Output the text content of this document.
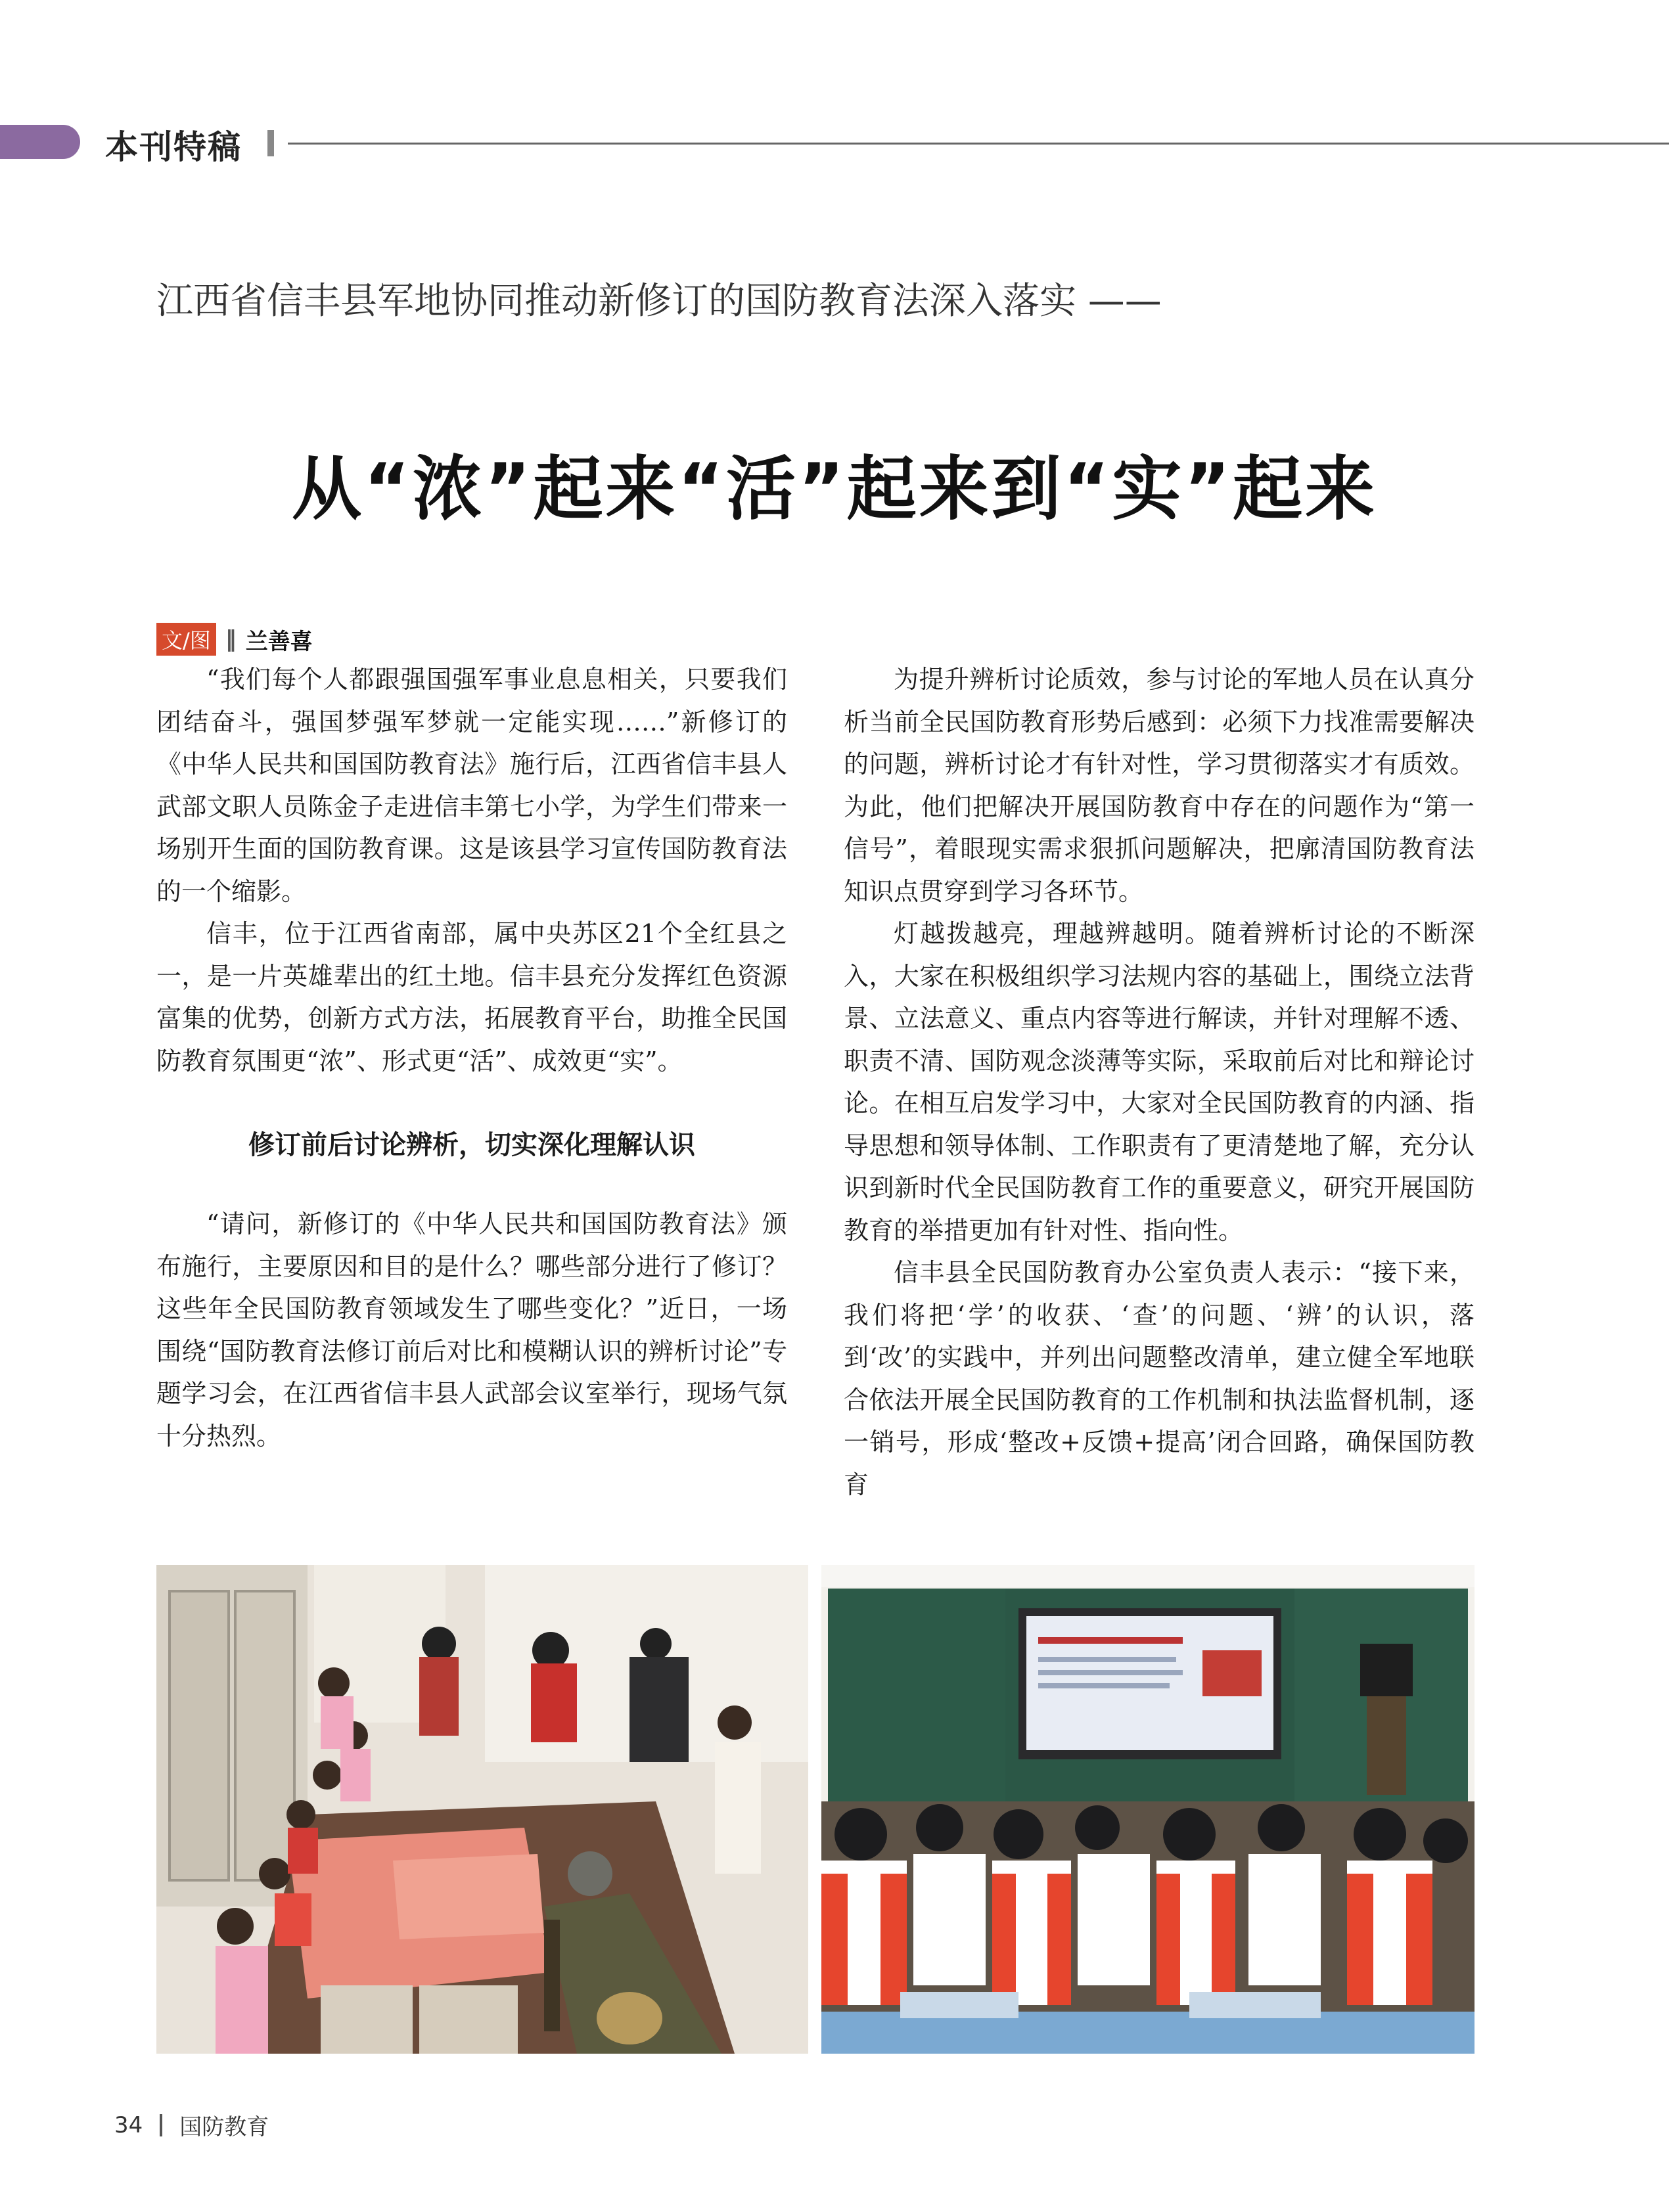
本刊特稿
江西省信丰县军地协同推动新修订的国防教育法深入落实 ——
从“浓”起来“活”起来到“实”起来
文/图 ‖ 兰善喜

“我们每个人都跟强国强军事业息息相关，只要我们团结奋斗，强国梦强军梦就一定能实现……”新修订的《中华人民共和国国防教育法》施行后，江西省信丰县人武部文职人员陈金子走进信丰第七小学，为学生们带来一场别开生面的国防教育课。这是该县学习宣传国防教育法的一个缩影。

信丰，位于江西省南部，属中央苏区21个全红县之一，是一片英雄辈出的红土地。信丰县充分发挥红色资源富集的优势，创新方式方法，拓展教育平台，助推全民国防教育氛围更“浓”、形式更“活”、成效更“实”。

修订前后讨论辨析，切实深化理解认识

“请问，新修订的《中华人民共和国国防教育法》颁布施行，主要原因和目的是什么？哪些部分进行了修订？这些年全民国防教育领域发生了哪些变化？”近日，一场围绕“国防教育法修订前后对比和模糊认识的辨析讨论”专题学习会，在江西省信丰县人武部会议室举行，现场气氛十分热烈。

为提升辨析讨论质效，参与讨论的军地人员在认真分析当前全民国防教育形势后感到：必须下力找准需要解决的问题，辨析讨论才有针对性，学习贯彻落实才有质效。为此，他们把解决开展国防教育中存在的问题作为“第一信号”，着眼现实需求狠抓问题解决，把廓清国防教育法知识点贯穿到学习各环节。

灯越拨越亮，理越辨越明。随着辨析讨论的不断深入，大家在积极组织学习法规内容的基础上，围绕立法背景、立法意义、重点内容等进行解读，并针对理解不透、职责不清、国防观念淡薄等实际，采取前后对比和辩论讨论。在相互启发学习中，大家对全民国防教育的内涵、指导思想和领导体制、工作职责有了更清楚地了解，充分认识到新时代全民国防教育工作的重要意义，研究开展国防教育的举措更加有针对性、指向性。

信丰县全民国防教育办公室负责人表示：“接下来，我们将把‘学’的收获、‘查’的问题、‘辨’的认识，落到‘改’的实践中，并列出问题整改清单，建立健全军地联合依法开展全民国防教育的工作机制和执法监督机制，逐一销号，形成‘整改+反馈+提高’闭合回路，确保国防教育

34 国防教育
